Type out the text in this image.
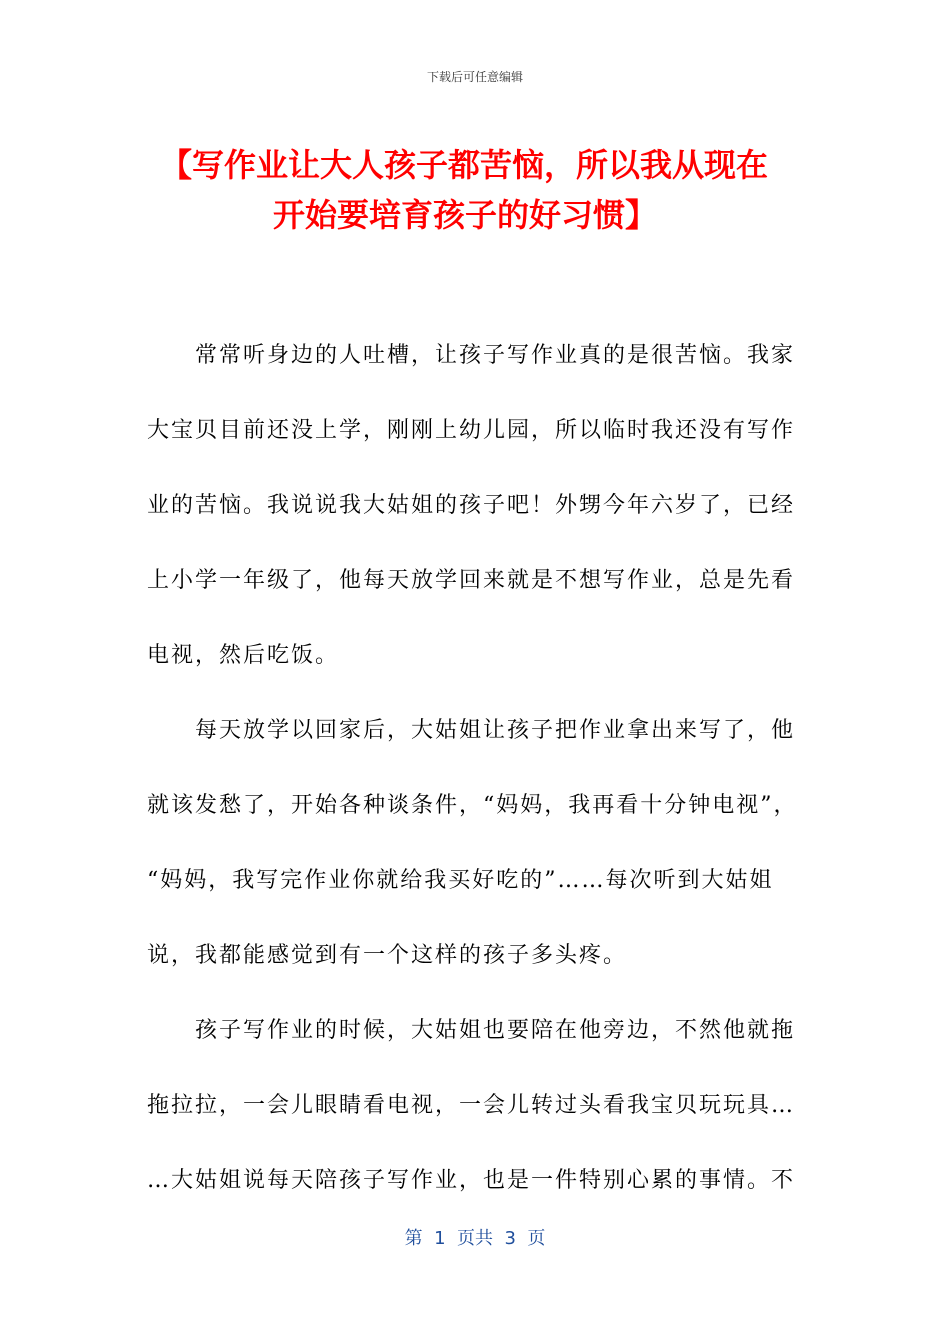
下载后可任意编辑
【写作业让大人孩子都苦恼，所以我从现在
开始要培育孩子的好习惯】
常常听身边的人吐槽，让孩子写作业真的是很苦恼。我家
大宝贝目前还没上学，刚刚上幼儿园，所以临时我还没有写作
业的苦恼。我说说我大姑姐的孩子吧！外甥今年六岁了，已经
上小学一年级了，他每天放学回来就是不想写作业，总是先看
电视，然后吃饭。
每天放学以回家后，大姑姐让孩子把作业拿出来写了，他
就该发愁了，开始各种谈条件，“妈妈，我再看十分钟电视”，
“妈妈，我写完作业你就给我买好吃的”……每次听到大姑姐
说，我都能感觉到有一个这样的孩子多头疼。
孩子写作业的时候，大姑姐也要陪在他旁边，不然他就拖
拖拉拉，一会儿眼睛看电视，一会儿转过头看我宝贝玩玩具…
…大姑姐说每天陪孩子写作业，也是一件特别心累的事情。不
第  1  页共  3  页
